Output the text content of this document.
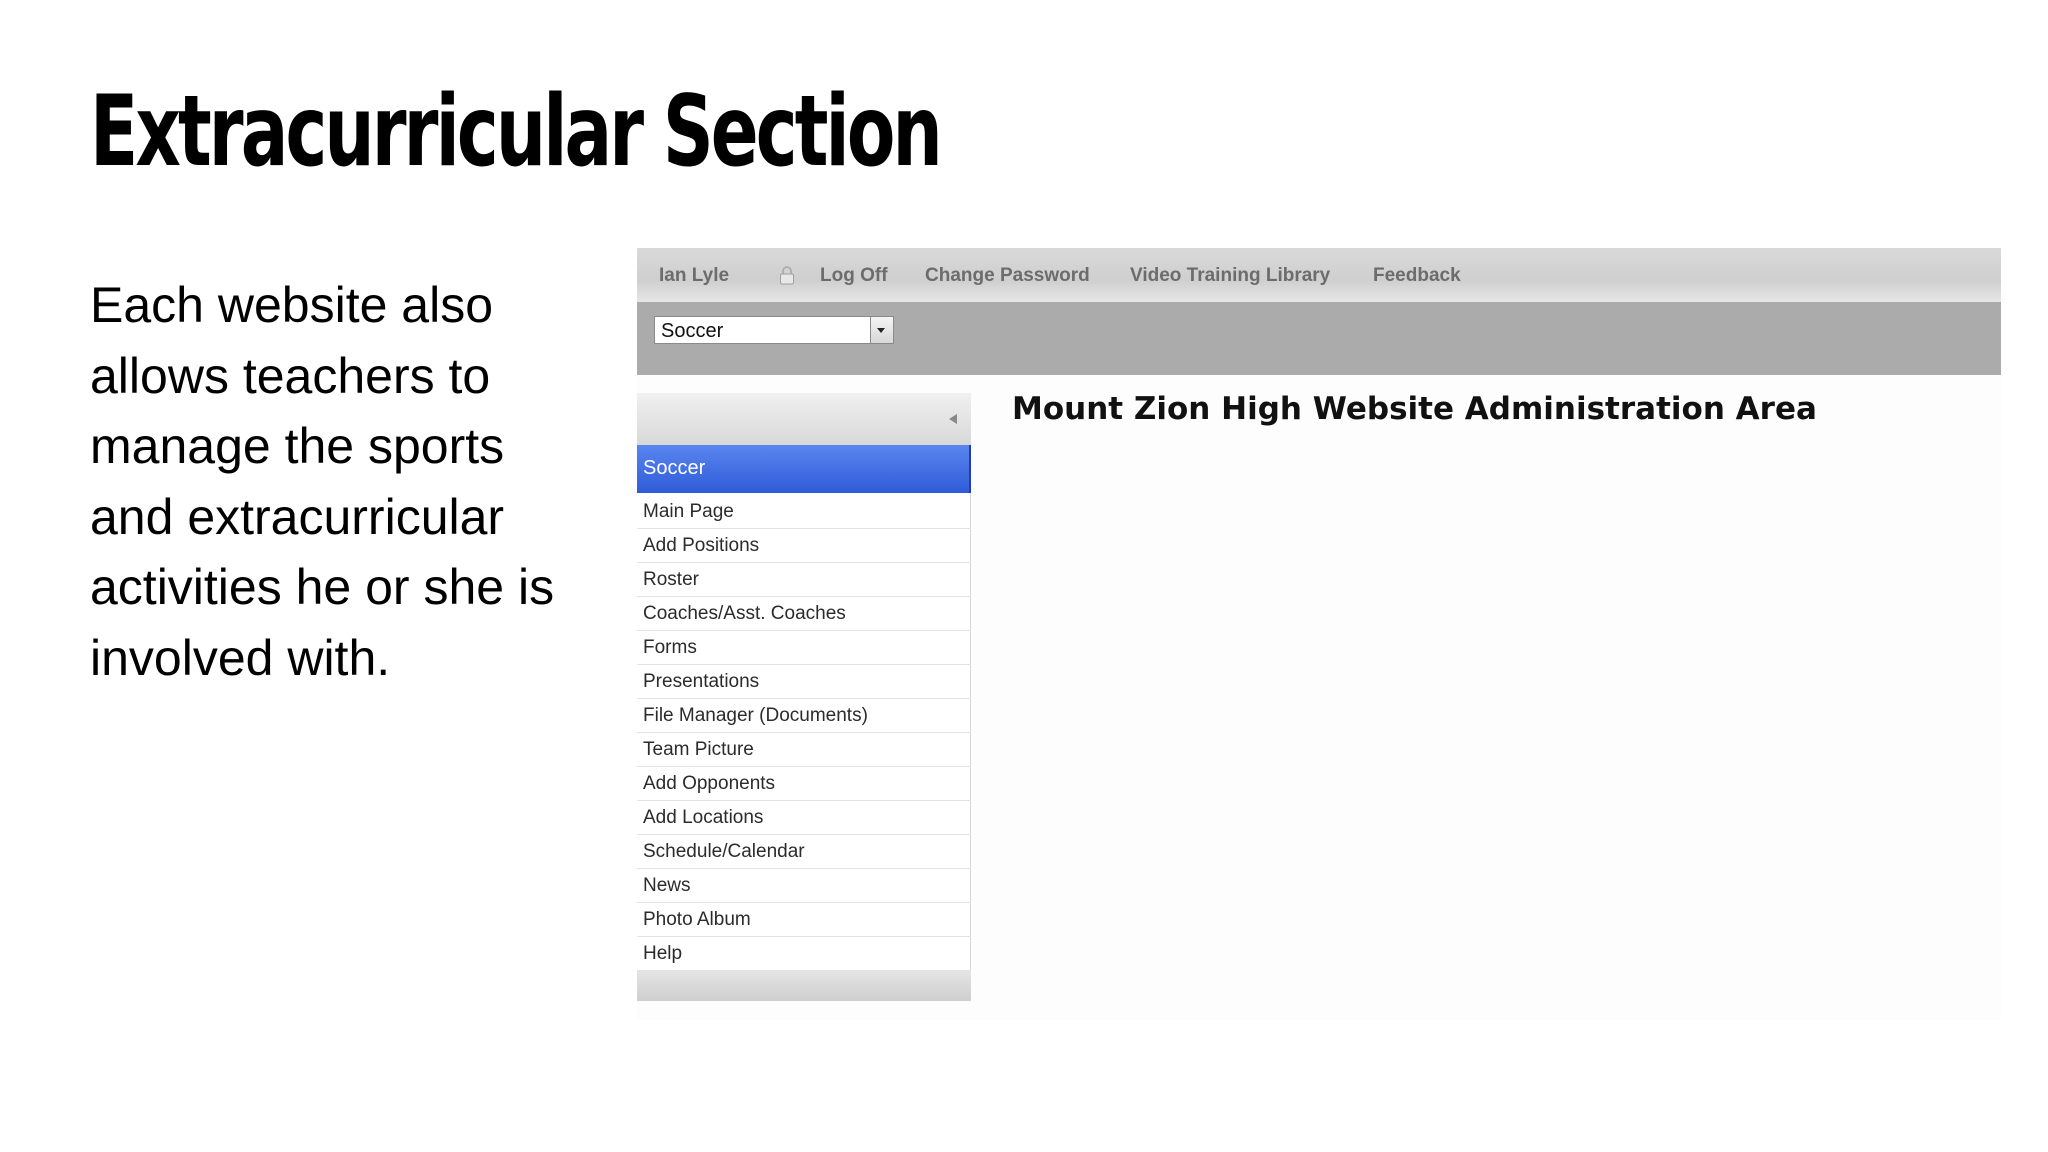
Extracurricular Section

Each website also allows teachers to manage the sports and extracurricular activities he or she is involved with.

Ian Lyle	Log Off Change Password Video Training Library Feedback
Soccer
Soccer
Main Page
Add Positions
Roster
Coaches/Asst. Coaches
Forms
Presentations
File Manager (Documents)
Team Picture
Add Opponents
Add Locations
Schedule/Calendar
News
Photo Album
Help
Mount Zion High Website Administration Area
